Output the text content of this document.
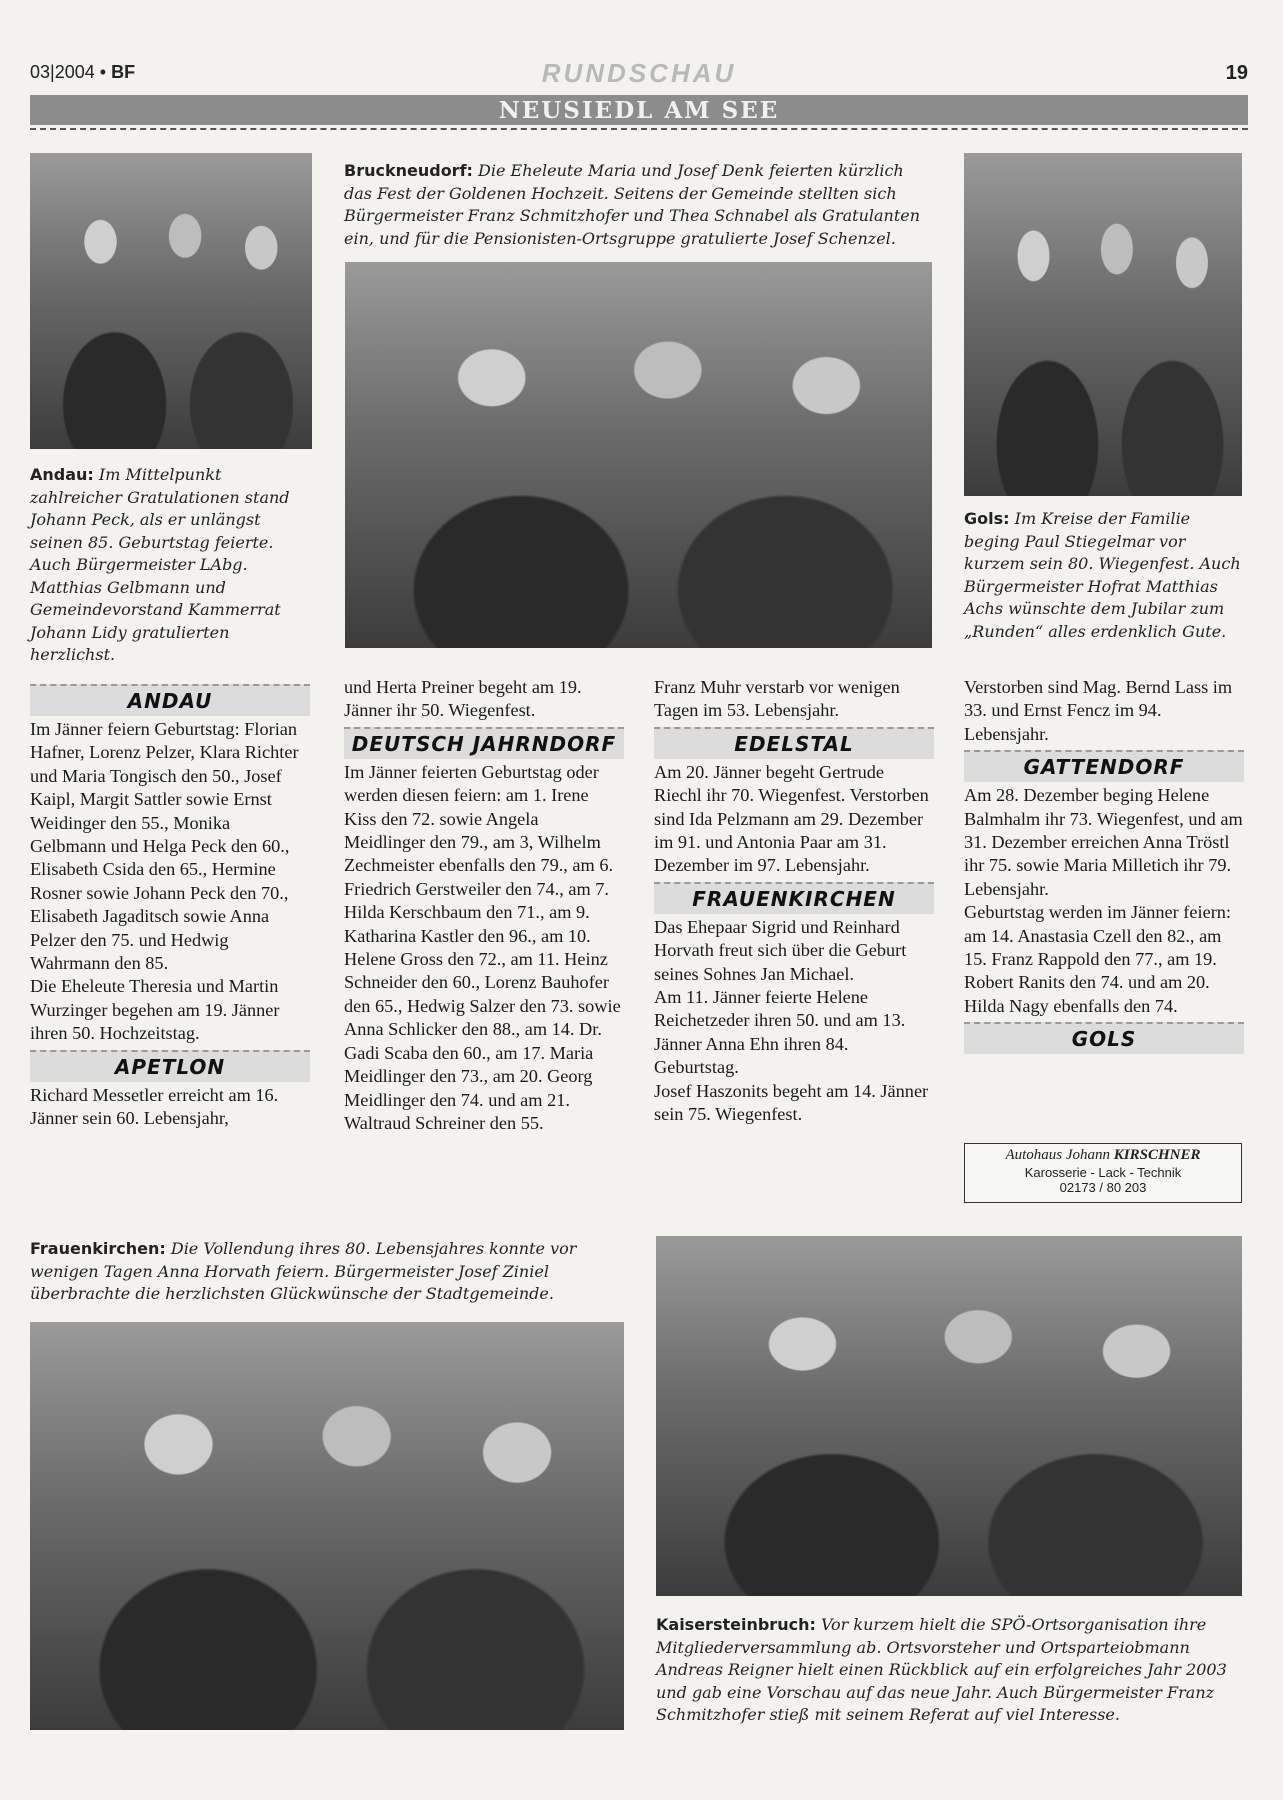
03|2004 • BF	RUNDSCHAU	19
NEUSIEDL AM SEE
Andau: Im Mittelpunkt zahlreicher Gratulationen stand Johann Peck, als er unlängst seinen 85. Geburtstag feierte. Auch Bürgermeister LAbg. Matthias Gelbmann und Gemeindevorstand Kammerrat Johann Lidy gratulierten herzlichst.
Bruckneudorf: Die Eheleute Maria und Josef Denk feierten kürzlich das Fest der Goldenen Hochzeit. Seitens der Gemeinde stellten sich Bürgermeister Franz Schmitzhofer und Thea Schnabel als Gratulanten ein, und für die Pensionisten-Ortsgruppe gratulierte Josef Schenzel.
Gols: Im Kreise der Familie beging Paul Stiegelmar vor kurzem sein 80. Wiegenfest. Auch Bürgermeister Hofrat Matthias Achs wünschte dem Jubilar zum „Runden“ alles erdenklich Gute.
Frauenkirchen: Die Vollendung ihres 80. Lebensjahres konnte vor wenigen Tagen Anna Horvath feiern. Bürgermeister Josef Ziniel überbrachte die herzlichsten Glückwünsche der Stadtgemeinde.
Kaisersteinbruch: Vor kurzem hielt die SPÖ-Ortsorganisation ihre Mitgliederversammlung ab. Ortsvorsteher und Ortsparteiobmann Andreas Reigner hielt einen Rückblick auf ein erfolgreiches Jahr 2003 und gab eine Vorschau auf das neue Jahr. Auch Bürgermeister Franz Schmitzhofer stieß mit seinem Referat auf viel Interesse.
ANDAU

Im Jänner feiern Geburtstag: Florian Hafner, Lorenz Pelzer, Klara Richter und Maria Tongisch den 50., Josef Kaipl, Margit Sattler sowie Ernst Weidinger den 55., Monika Gelbmann und Helga Peck den 60., Elisabeth Csida den 65., Hermine Rosner sowie Johann Peck den 70., Elisabeth Jagaditsch sowie Anna Pelzer den 75. und Hedwig Wahrmann den 85.

Die Eheleute Theresia und Martin Wurzinger begehen am 19. Jänner ihren 50. Hochzeitstag.

APETLON

Richard Messetler erreicht am 16. Jänner sein 60. Lebensjahr,

und Herta Preiner begeht am 19. Jänner ihr 50. Wiegenfest.

DEUTSCH JAHRNDORF

Im Jänner feierten Geburtstag oder werden diesen feiern: am 1. Irene Kiss den 72. sowie Angela Meidlinger den 79., am 3, Wilhelm Zechmeister ebenfalls den 79., am 6. Friedrich Gerstweiler den 74., am 7. Hilda Kerschbaum den 71., am 9. Katharina Kastler den 96., am 10. Helene Gross den 72., am 11. Heinz Schneider den 60., Lorenz Bauhofer den 65., Hedwig Salzer den 73. sowie Anna Schlicker den 88., am 14. Dr. Gadi Scaba den 60., am 17. Maria Meidlinger den 73., am 20. Georg Meidlinger den 74. und am 21. Waltraud Schreiner den 55.

Franz Muhr verstarb vor wenigen Tagen im 53. Lebensjahr.

EDELSTAL

Am 20. Jänner begeht Gertrude Riechl ihr 70. Wiegenfest. Verstorben sind Ida Pelzmann am 29. Dezember im 91. und Antonia Paar am 31. Dezember im 97. Lebensjahr.

FRAUENKIRCHEN

Das Ehepaar Sigrid und Reinhard Horvath freut sich über die Geburt seines Sohnes Jan Michael.

Am 11. Jänner feierte Helene Reichetzeder ihren 50. und am 13. Jänner Anna Ehn ihren 84. Geburtstag.

Josef Haszonits begeht am 14. Jänner sein 75. Wiegenfest.

Verstorben sind Mag. Bernd Lass im 33. und Ernst Fencz im 94. Lebensjahr.

GATTENDORF

Am 28. Dezember beging Helene Balmhalm ihr 73. Wiegenfest, und am 31. Dezember erreichen Anna Tröstl ihr 75. sowie Maria Milletich ihr 79. Lebensjahr.

Geburtstag werden im Jänner feiern: am 14. Anastasia Czell den 82., am 15. Franz Rappold den 77., am 19. Robert Ranits den 74. und am 20. Hilda Nagy ebenfalls den 74.

GOLS
Autohaus Johann KIRSCHNER
Karosserie - Lack - Technik
02173 / 80 203
